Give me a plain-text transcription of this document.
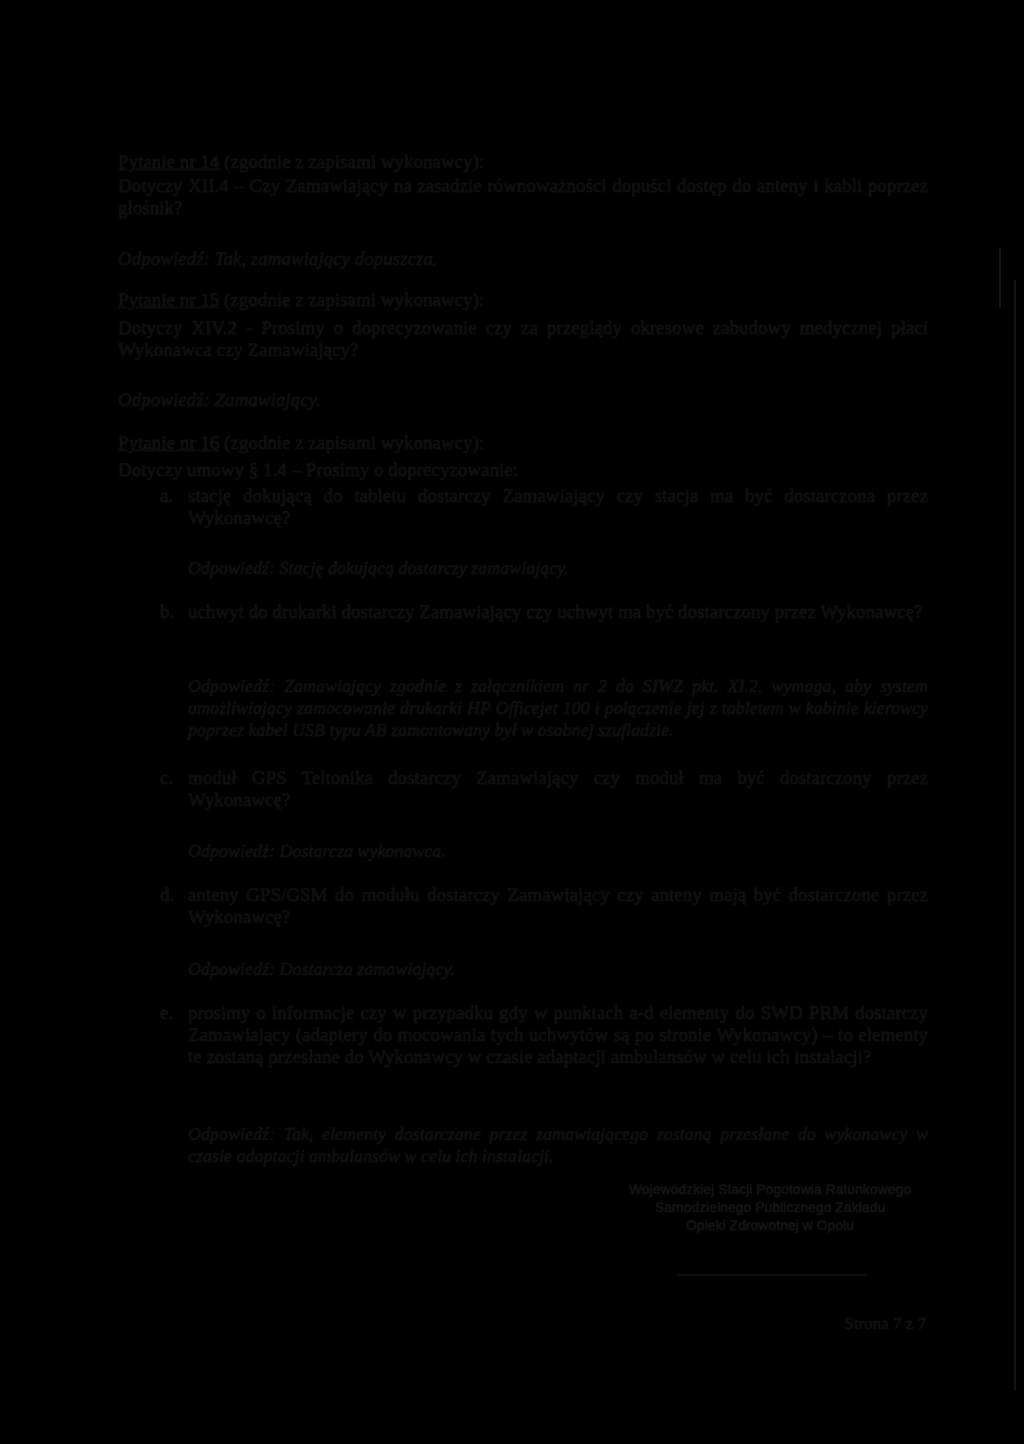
Pytanie nr 14 (zgodnie z zapisami wykonawcy):
Dotyczy XII.4 – Czy Zamawiający na zasadzie równoważności dopuści dostęp do anteny i kabli poprzez głośnik?
Odpowiedź: Tak, zamawiający dopuszcza.
Pytanie nr 15 (zgodnie z zapisami wykonawcy):
Dotyczy XIV.2 - Prosimy o doprecyzowanie czy za przeglądy okresowe zabudowy medycznej płaci Wykonawca czy Zamawiający?
Odpowiedź: Zamawiający.
Pytanie nr 16 (zgodnie z zapisami wykonawcy):
Dotyczy umowy § 1.4 – Prosimy o doprecyzowanie:
a. stację dokującą do tabletu dostarczy Zamawiający czy stacja ma być dostarczona przez Wykonawcę?
Odpowiedź: Stację dokującą dostarczy zamawiający.
b. uchwyt do drukarki dostarczy Zamawiający czy uchwyt ma być dostarczony przez Wykonawcę?
Odpowiedź: Zamawiający zgodnie z załącznikiem nr 2 do SIWZ pkt. XI.2. wymaga, aby system umożliwiający zamocowanie drukarki HP Officejet 100 i połączenie jej z tabletem w kabinie kierowcy poprzez kabel USB typu AB zamontowany był w osobnej szufladzie.
c. moduł GPS Teltonika dostarczy Zamawiający czy moduł ma być dostarczony przez Wykonawcę?
Odpowiedź: Dostarcza wykonawca.
d. anteny GPS/GSM do modułu dostarczy Zamawiający czy anteny mają być dostarczone przez Wykonawcę?
Odpowiedź: Dostarcza zamawiający.
e. prosimy o informacje czy w przypadku gdy w punktach a-d elementy do SWD PRM dostarczy Zamawiający (adaptery do mocowania tych uchwytów są po stronie Wykonawcy) – to elementy te zostaną przesłane do Wykonawcy w czasie adaptacji ambulansów w celu ich instalacji?
Odpowiedź: Tak, elementy dostarczane przez zamawiającego zostaną przesłane do wykonawcy w czasie adaptacji ambulansów w celu ich instalacji.
Wojewódzkiej Stacji Pogotowia Ratunkowego
Samodzielnego Publicznego Zakładu
Opieki Zdrowotnej w Opolu
Strona 7 z 7
